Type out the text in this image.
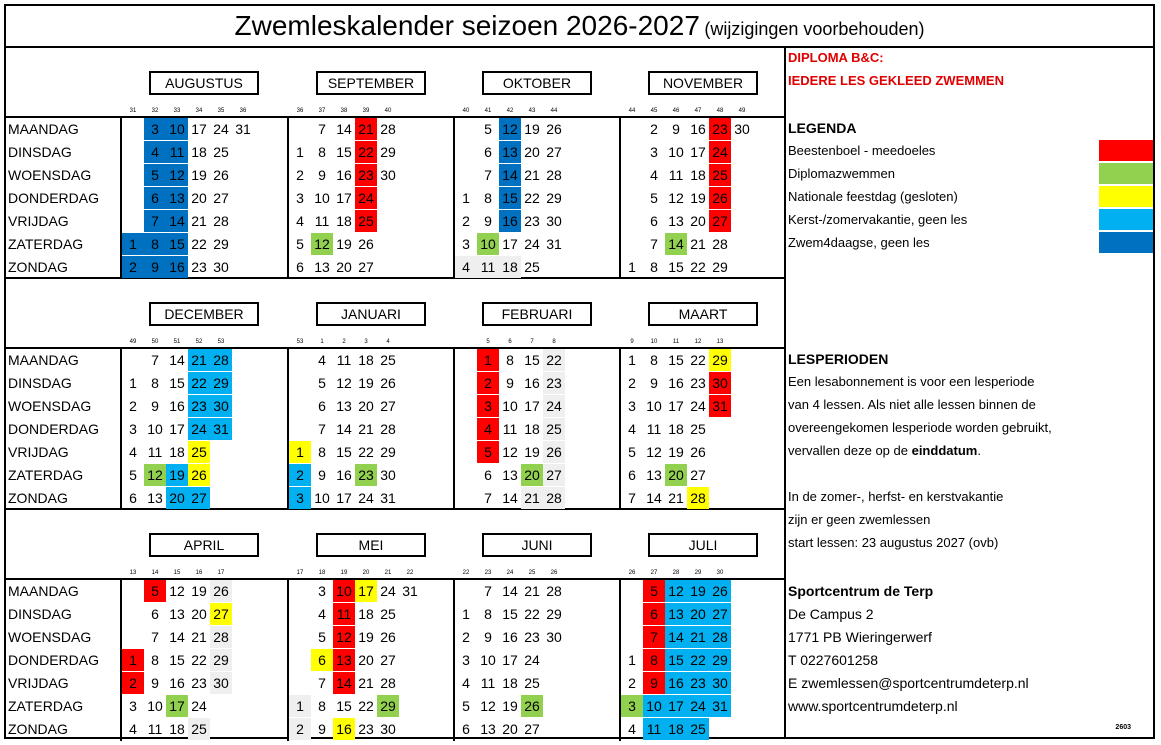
Zwemleskalender seizoen 2026-2027 (wijzigingen voorbehouden)
MAANDAG
DINSDAG
WOENSDAG
DONDERDAG
VRIJDAG
ZATERDAG
ZONDAG
AUGUSTUS
31
1
2
32
3
4
5
6
7
8
9
33
10
11
12
13
14
15
16
34
17
18
19
20
21
22
23
35
24
25
26
27
28
29
30
36
31
SEPTEMBER
36
1
2
3
4
5
6
37
7
8
9
10
11
12
13
38
14
15
16
17
18
19
20
39
21
22
23
24
25
26
27
40
28
29
30
OKTOBER
40
1
2
3
4
41
5
6
7
8
9
10
11
42
12
13
14
15
16
17
18
43
19
20
21
22
23
24
25
44
26
27
28
29
30
31
NOVEMBER
44
1
45
2
3
4
5
6
7
8
46
9
10
11
12
13
14
15
47
16
17
18
19
20
21
22
48
23
24
25
26
27
28
29
49
30
MAANDAG
DINSDAG
WOENSDAG
DONDERDAG
VRIJDAG
ZATERDAG
ZONDAG
DECEMBER
49
1
2
3
4
5
6
50
7
8
9
10
11
12
13
51
14
15
16
17
18
19
20
52
21
22
23
24
25
26
27
53
28
29
30
31
JANUARI
53
1
2
3
1
4
5
6
7
8
9
10
2
11
12
13
14
15
16
17
3
18
19
20
21
22
23
24
4
25
26
27
28
29
30
31
FEBRUARI
5
1
2
3
4
5
6
7
6
8
9
10
11
12
13
14
7
15
16
17
18
19
20
21
8
22
23
24
25
26
27
28
MAART
9
1
2
3
4
5
6
7
10
8
9
10
11
12
13
14
11
15
16
17
18
19
20
21
12
22
23
24
25
26
27
28
13
29
30
31
MAANDAG
DINSDAG
WOENSDAG
DONDERDAG
VRIJDAG
ZATERDAG
ZONDAG
APRIL
13
1
2
3
4
14
5
6
7
8
9
10
11
15
12
13
14
15
16
17
18
16
19
20
21
22
23
24
25
17
26
27
28
29
30
MEI
17
1
2
18
3
4
5
6
7
8
9
19
10
11
12
13
14
15
16
20
17
18
19
20
21
22
23
21
24
25
26
27
28
29
30
22
31
JUNI
22
1
2
3
4
5
6
23
7
8
9
10
11
12
13
24
14
15
16
17
18
19
20
25
21
22
23
24
25
26
27
26
28
29
30
JULI
26
1
2
3
4
27
5
6
7
8
9
10
11
28
12
13
14
15
16
17
18
29
19
20
21
22
23
24
25
30
26
27
28
29
30
31
DIPLOMA B&C:
IEDERE LES GEKLEED ZWEMMEN
LEGENDA
Beestenboel - meedoeles
Diplomazwemmen
Nationale feestdag (gesloten)
Kerst-/zomervakantie, geen les
Zwem4daagse, geen les
LESPERIODEN
Een lesabonnement is voor een lesperiode
van 4 lessen. Als niet alle lessen binnen de
overeengekomen lesperiode worden gebruikt,
vervallen deze op de einddatum.
In de zomer-, herfst- en kerstvakantie
zijn er geen zwemlessen
start lessen: 23 augustus 2027 (ovb)
Sportcentrum de Terp
De Campus 2
1771 PB Wieringerwerf
T 0227601258
E zwemlessen@sportcentrumdeterp.nl
www.sportcentrumdeterp.nl
2603
